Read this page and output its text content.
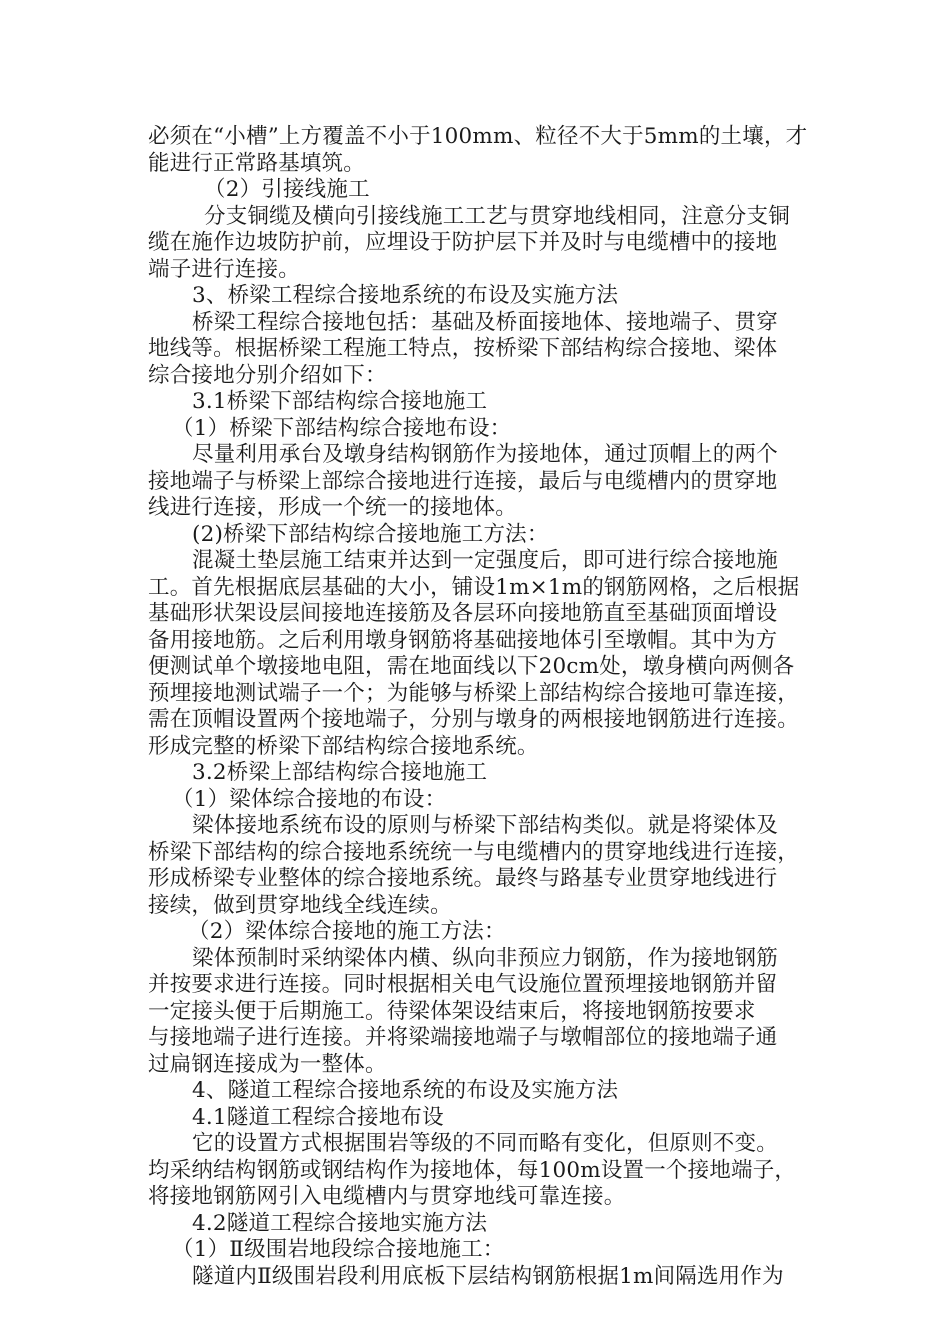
必须在“小槽”上方覆盖不小于100mm、粒径不大于5mm的土壤，才
能进行正常路基填筑。
（2）引接线施工
分支铜缆及横向引接线施工工艺与贯穿地线相同，注意分支铜
缆在施作边坡防护前，应埋设于防护层下并及时与电缆槽中的接地
端子进行连接。
3、桥梁工程综合接地系统的布设及实施方法
桥梁工程综合接地包括：基础及桥面接地体、接地端子、贯穿
地线等。根据桥梁工程施工特点，按桥梁下部结构综合接地、梁体
综合接地分别介绍如下：
3.1桥梁下部结构综合接地施工
（1）桥梁下部结构综合接地布设：
尽量利用承台及墩身结构钢筋作为接地体，通过顶帽上的两个
接地端子与桥梁上部综合接地进行连接，最后与电缆槽内的贯穿地
线进行连接，形成一个统一的接地体。
(2)桥梁下部结构综合接地施工方法：
混凝土垫层施工结束并达到一定强度后，即可进行综合接地施
工。首先根据底层基础的大小，铺设1m×1m的钢筋网格，之后根据
基础形状架设层间接地连接筋及各层环向接地筋直至基础顶面增设
备用接地筋。之后利用墩身钢筋将基础接地体引至墩帽。其中为方
便测试单个墩接地电阻，需在地面线以下20cm处，墩身横向两侧各
预埋接地测试端子一个；为能够与桥梁上部结构综合接地可靠连接，
需在顶帽设置两个接地端子，分别与墩身的两根接地钢筋进行连接。
形成完整的桥梁下部结构综合接地系统。
3.2桥梁上部结构综合接地施工
（1）梁体综合接地的布设：
梁体接地系统布设的原则与桥梁下部结构类似。就是将梁体及
桥梁下部结构的综合接地系统统一与电缆槽内的贯穿地线进行连接，
形成桥梁专业整体的综合接地系统。最终与路基专业贯穿地线进行
接续，做到贯穿地线全线连续。
（2）梁体综合接地的施工方法：
梁体预制时采纳梁体内横、纵向非预应力钢筋，作为接地钢筋
并按要求进行连接。同时根据相关电气设施位置预埋接地钢筋并留
一定接头便于后期施工。待梁体架设结束后，将接地钢筋按要求
与接地端子进行连接。并将梁端接地端子与墩帽部位的接地端子通
过扁钢连接成为一整体。
4、隧道工程综合接地系统的布设及实施方法
4.1隧道工程综合接地布设
它的设置方式根据围岩等级的不同而略有变化，但原则不变。
均采纳结构钢筋或钢结构作为接地体，每100m设置一个接地端子，
将接地钢筋网引入电缆槽内与贯穿地线可靠连接。
4.2隧道工程综合接地实施方法
（1）Ⅱ级围岩地段综合接地施工：
隧道内Ⅱ级围岩段利用底板下层结构钢筋根据1m间隔选用作为
